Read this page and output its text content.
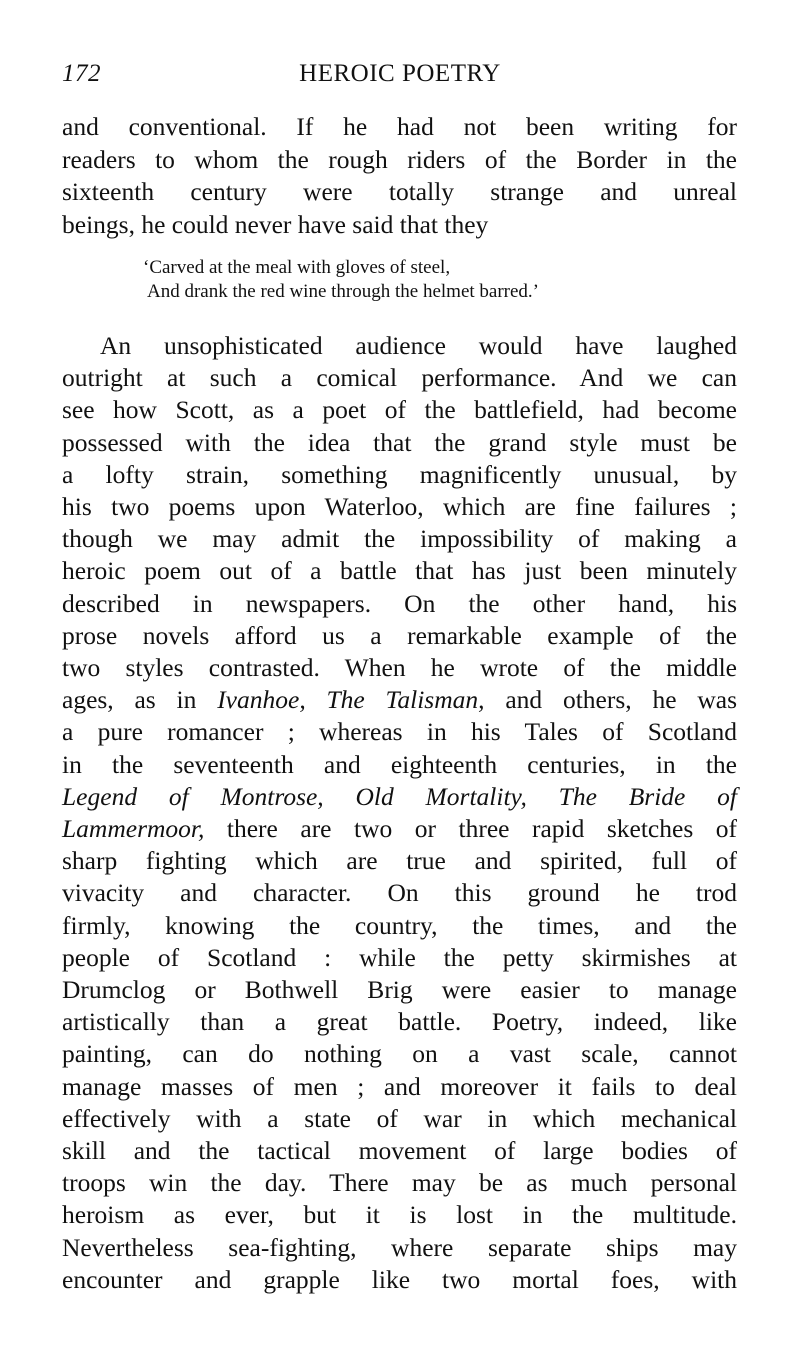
172	HEROIC POETRY
and conventional. If he had not been writing for
readers to whom the rough riders of the Border in the
sixteenth century were totally strange and unreal
beings, he could never have said that they
‘Carved at the meal with gloves of steel,
And drank the red wine through the helmet barred.’
An unsophisticated audience would have laughed
outright at such a comical performance. And we can
see how Scott, as a poet of the battlefield, had become
possessed with the idea that the grand style must be
a lofty strain, something magnificently unusual, by
his two poems upon Waterloo, which are fine failures ;
though we may admit the impossibility of making a
heroic poem out of a battle that has just been minutely
described in newspapers. On the other hand, his
prose novels afford us a remarkable example of the
two styles contrasted. When he wrote of the middle
ages, as in Ivanhoe, The Talisman, and others, he was
a pure romancer ; whereas in his Tales of Scotland
in the seventeenth and eighteenth centuries, in the
Legend of Montrose, Old Mortality, The Bride of
Lammermoor, there are two or three rapid sketches of
sharp fighting which are true and spirited, full of
vivacity and character. On this ground he trod
firmly, knowing the country, the times, and the
people of Scotland : while the petty skirmishes at
Drumclog or Bothwell Brig were easier to manage
artistically than a great battle. Poetry, indeed, like
painting, can do nothing on a vast scale, cannot
manage masses of men ; and moreover it fails to deal
effectively with a state of war in which mechanical
skill and the tactical movement of large bodies of
troops win the day. There may be as much personal
heroism as ever, but it is lost in the multitude.
Nevertheless sea-fighting, where separate ships may
encounter and grapple like two mortal foes, with
